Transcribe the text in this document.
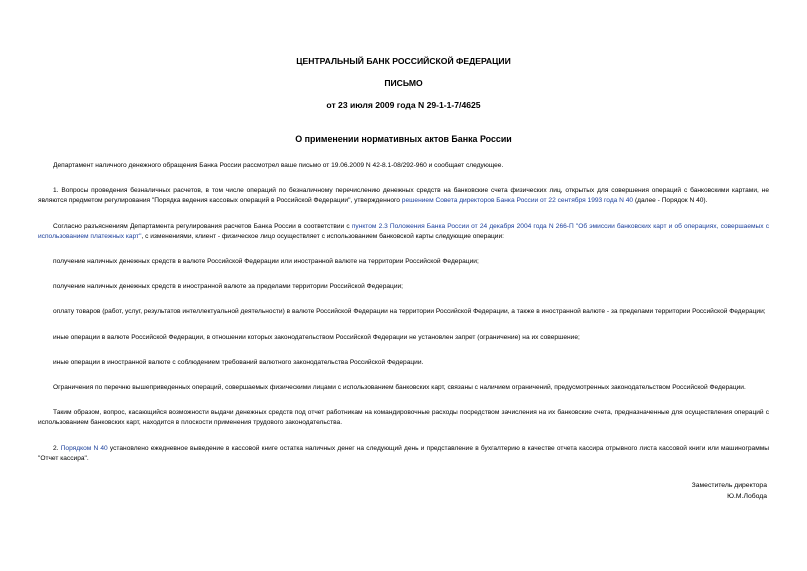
ЦЕНТРАЛЬНЫЙ БАНК РОССИЙСКОЙ ФЕДЕРАЦИИ

ПИСЬМО

от 23 июля 2009 года N 29-1-1-7/4625

О применении нормативных актов Банка России

Департамент наличного денежного обращения Банка России рассмотрел ваше письмо от 19.06.2009 N 42-8.1-08/292-960 и сообщает следующее.

1. Вопросы проведения безналичных расчетов, в том числе операций по безналичному перечислению денежных средств на банковские счета физических лиц, открытых для совершения операций с банковскими картами, не являются предметом регулирования "Порядка ведения кассовых операций в Российской Федерации", утвержденного решением Совета директоров Банка России от 22 сентября 1993 года N 40 (далее - Порядок N 40).

Согласно разъяснениям Департамента регулирования расчетов Банка России в соответствии с пунктом 2.3 Положения Банка России от 24 декабря 2004 года N 266-П "Об эмиссии банковских карт и об операциях, совершаемых с использованием платежных карт", с изменениями, клиент - физическое лицо осуществляет с использованием банковской карты следующие операции:

получение наличных денежных средств в валюте Российской Федерации или иностранной валюте на территории Российской Федерации;

получение наличных денежных средств в иностранной валюте за пределами территории Российской Федерации;

оплату товаров (работ, услуг, результатов интеллектуальной деятельности) в валюте Российской Федерации на территории Российской Федерации, а также в иностранной валюте - за пределами территории Российской Федерации;

иные операции в валюте Российской Федерации, в отношении которых законодательством Российской Федерации не установлен запрет (ограничение) на их совершение;

иные операции в иностранной валюте с соблюдением требований валютного законодательства Российской Федерации.

Ограничения по перечню вышеприведенных операций, совершаемых физическими лицами с использованием банковских карт, связаны с наличием ограничений, предусмотренных законодательством Российской Федерации.

Таким образом, вопрос, касающийся возможности выдачи денежных средств под отчет работникам на командировочные расходы посредством зачисления на их банковские счета, предназначенные для осуществления операций с использованием банковских карт, находится в плоскости применения трудового законодательства.

2. Порядком N 40 установлено ежедневное выведение в кассовой книге остатка наличных денег на следующий день и представление в бухгалтерию в качестве отчета кассира отрывного листа кассовой книги или машинограммы "Отчет кассира".

Заместитель директора
Ю.М.Лобода
